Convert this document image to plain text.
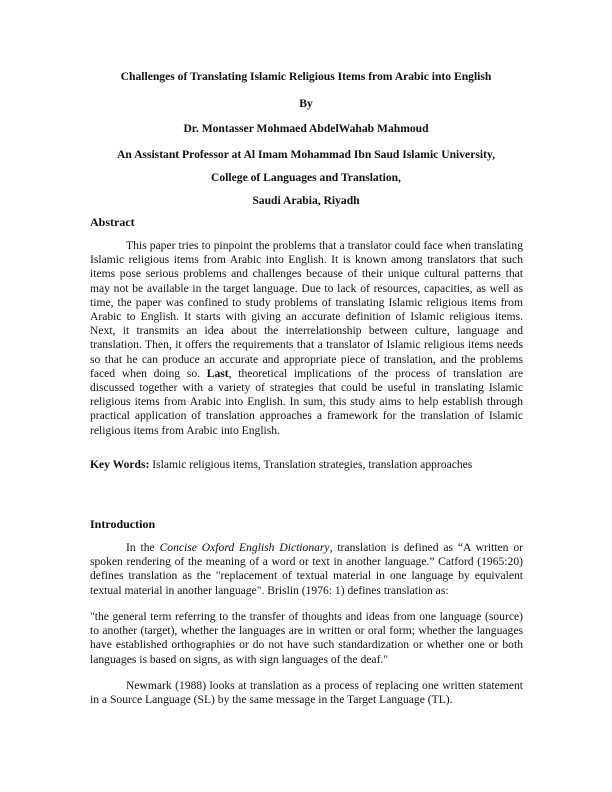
Challenges of Translating Islamic Religious Items from Arabic into English
By
Dr. Montasser Mohmaed AbdelWahab Mahmoud
An Assistant Professor at Al Imam Mohammad Ibn Saud Islamic University,
College of Languages and Translation,
Saudi Arabia, Riyadh
Abstract
This paper tries to pinpoint the problems that a translator could face when translating Islamic religious items from Arabic into English. It is known among translators that such items pose serious problems and challenges because of their unique cultural patterns that may not be available in the target language. Due to lack of resources, capacities, as well as time, the paper was confined to study problems of translating Islamic religious items from Arabic to English. It starts with giving an accurate definition of Islamic religious items. Next, it transmits an idea about the interrelationship between culture, language and translation. Then, it offers the requirements that a translator of Islamic religious items needs so that he can produce an accurate and appropriate piece of translation, and the problems faced when doing so. Last, theoretical implications of the process of translation are discussed together with a variety of strategies that could be useful in translating Islamic religious items from Arabic into English. In sum, this study aims to help establish through practical application of translation approaches a framework for the translation of Islamic religious items from Arabic into English.
Key Words: Islamic religious items, Translation strategies, translation approaches
Introduction
In the Concise Oxford English Dictionary, translation is defined as “A written or spoken rendering of the meaning of a word or text in another language.” Catford (1965:20) defines translation as the "replacement of textual material in one language by equivalent textual material in another language". Brislin (1976: 1) defines translation as:
"the general term referring to the transfer of thoughts and ideas from one language (source) to another (target), whether the languages are in written or oral form; whether the languages have established orthographies or do not have such standardization or whether one or both languages is based on signs, as with sign languages of the deaf."
Newmark (1988) looks at translation as a process of replacing one written statement in a Source Language (SL) by the same message in the Target Language (TL).
